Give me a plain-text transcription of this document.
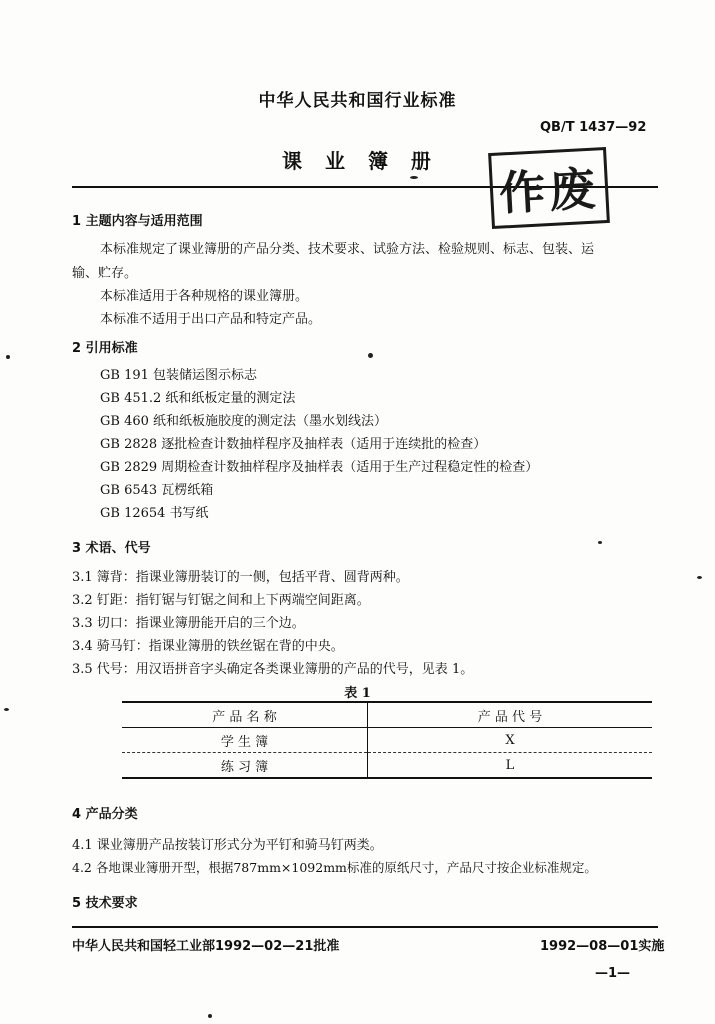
中华人民共和国行业标准
QB/T 1437—92
课 业 簿 册
作废
1 主题内容与适用范围
本标准规定了课业簿册的产品分类、技术要求、试验方法、检验规则、标志、包装、运
输、贮存。
本标准适用于各种规格的课业簿册。
本标准不适用于出口产品和特定产品。
2 引用标准
GB 191 包装储运图示标志
GB 451.2 纸和纸板定量的测定法
GB 460 纸和纸板施胶度的测定法（墨水划线法）
GB 2828 逐批检查计数抽样程序及抽样表（适用于连续批的检查）
GB 2829 周期检查计数抽样程序及抽样表（适用于生产过程稳定性的检查）
GB 6543 瓦楞纸箱
GB 12654 书写纸
3 术语、代号
3.1 簿背：指课业簿册装订的一侧，包括平背、圆背两种。
3.2 钉距：指钉锯与钉锯之间和上下两端空间距离。
3.3 切口：指课业簿册能开启的三个边。
3.4 骑马钉：指课业簿册的铁丝锯在背的中央。
3.5 代号：用汉语拼音字头确定各类课业簿册的产品的代号，见表 1。
表 1
产 品 名 称	产 品 代 号
学 生 簿	X
练 习 簿	L
4 产品分类
4.1 课业簿册产品按装订形式分为平钉和骑马钉两类。
4.2 各地课业簿册开型，根据787mm×1092mm标准的原纸尺寸，产品尺寸按企业标准规定。
5 技术要求
中华人民共和国轻工业部1992—02—21批准	1992—08—01实施
—1—
